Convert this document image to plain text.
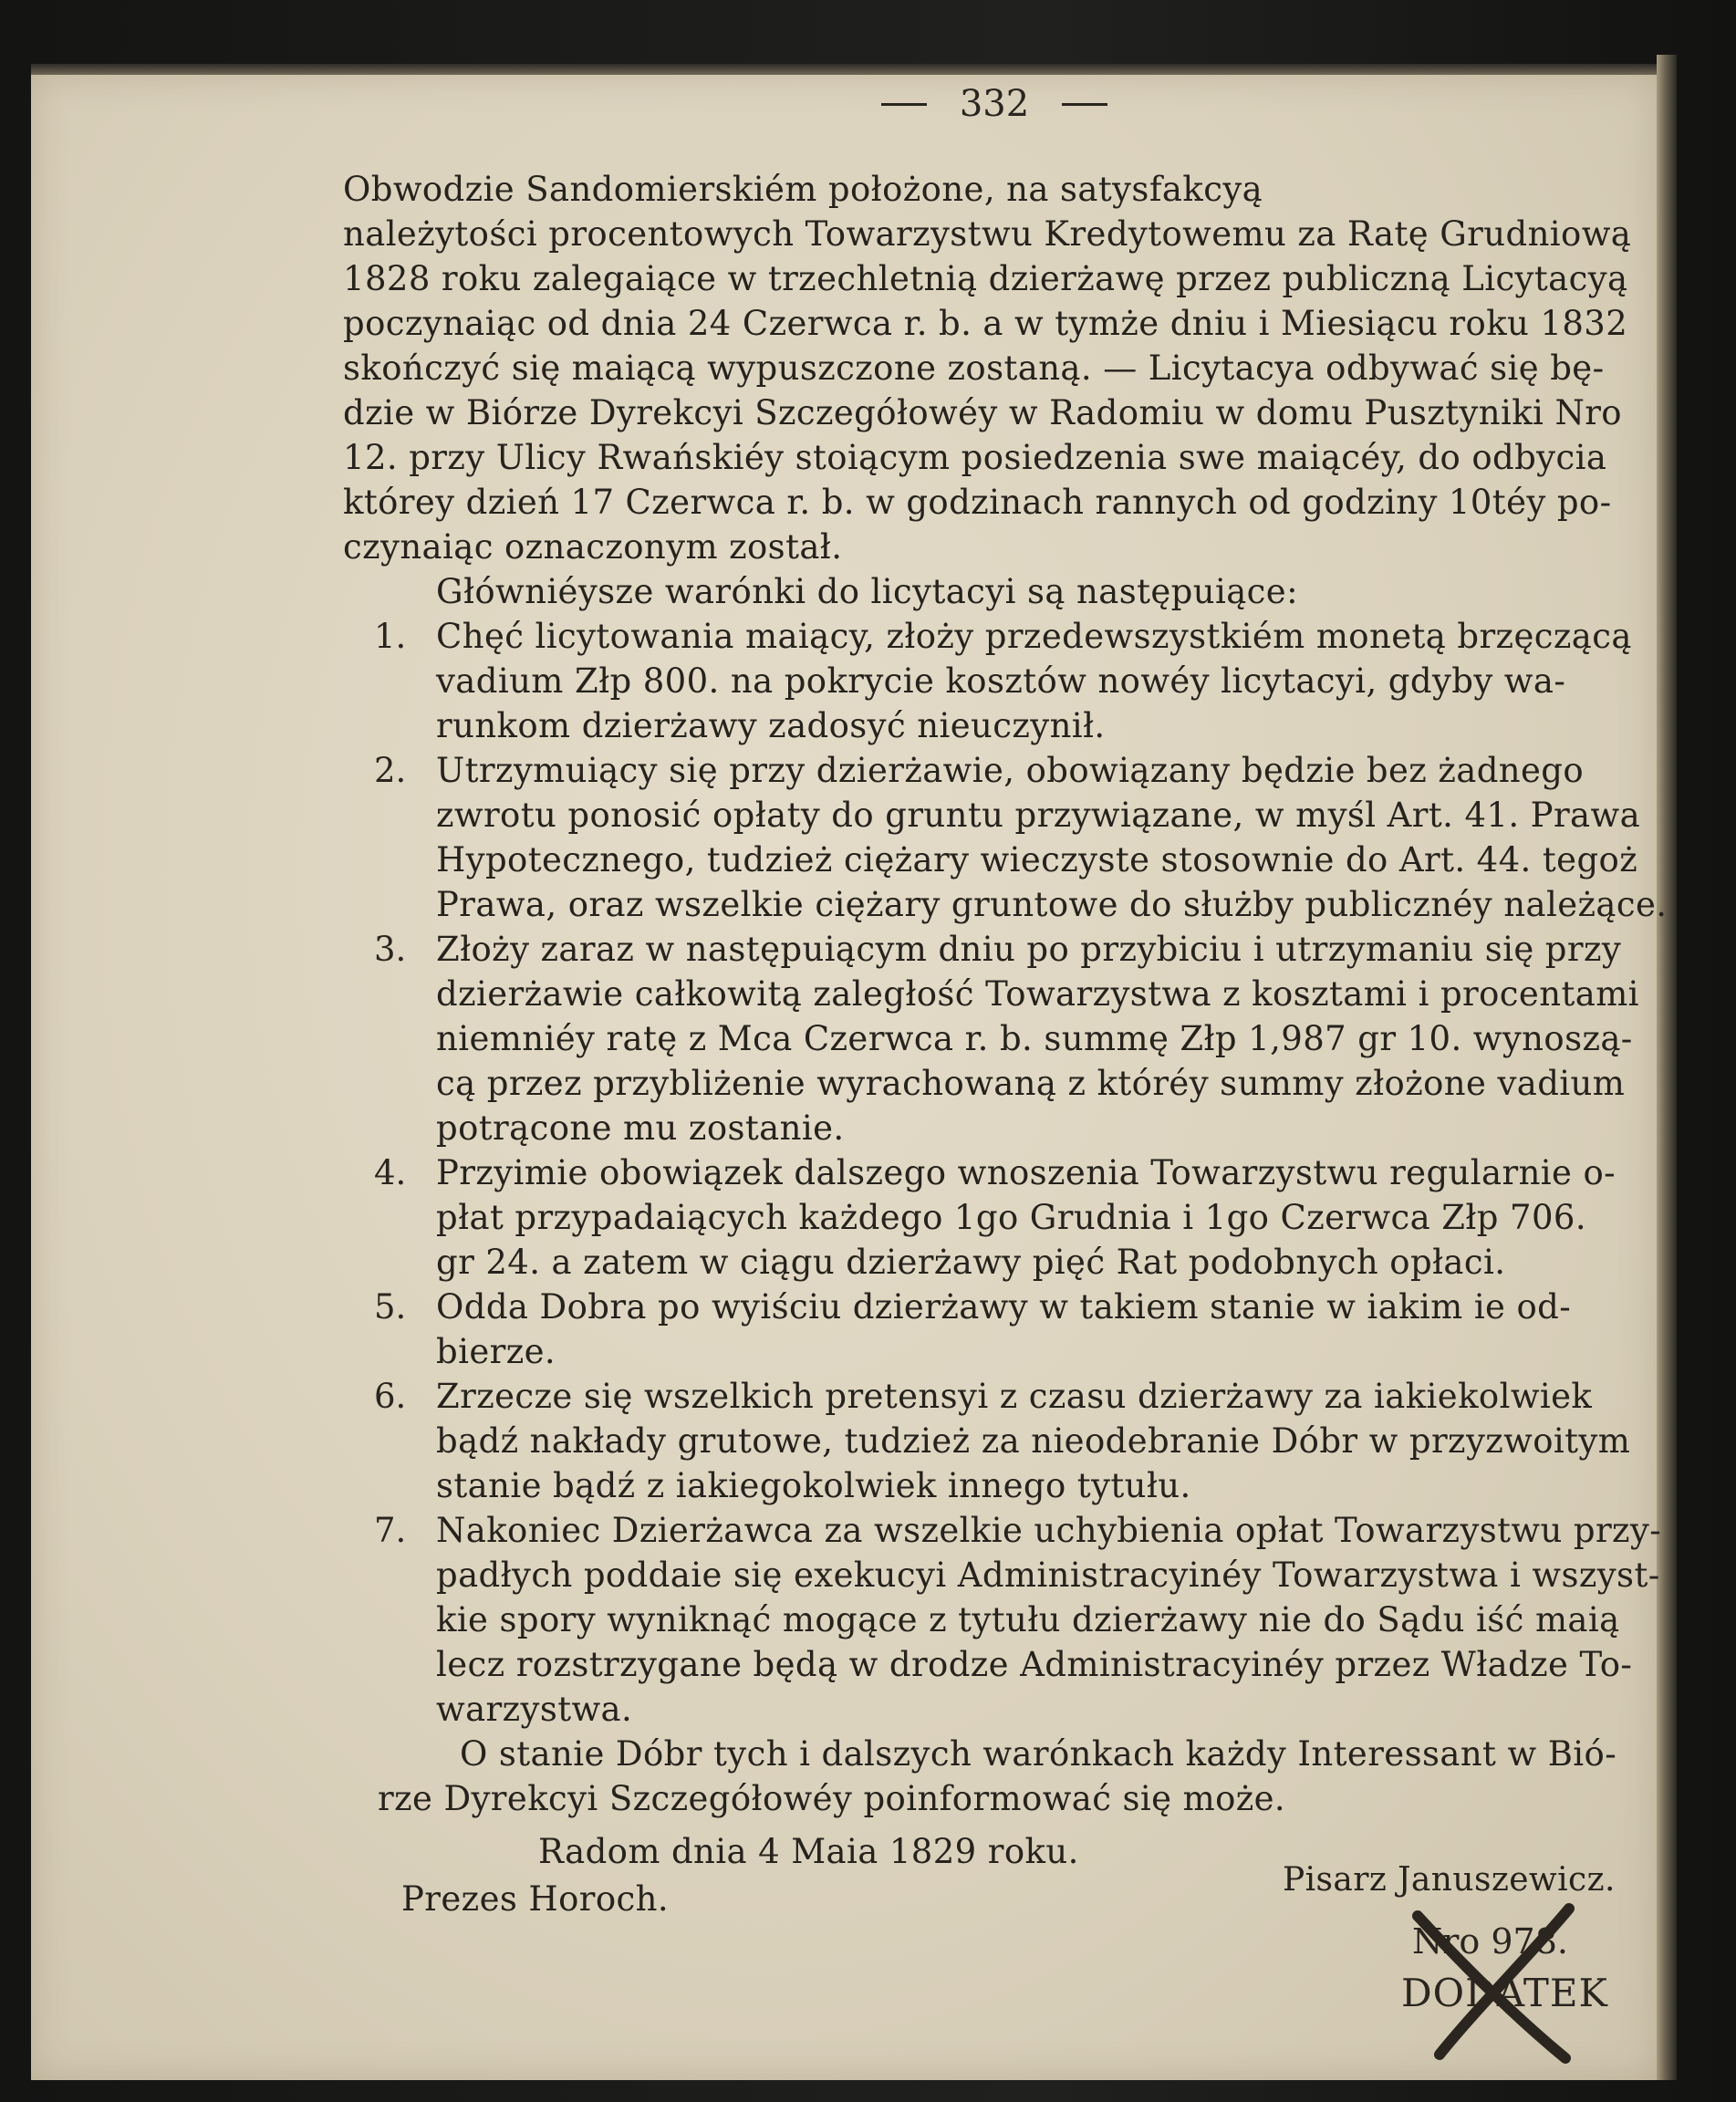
332
Obwodzie Sandomierskiém położone, na satysfakcyą
należytości procentowych Towarzystwu Kredytowemu za Ratę Grudniową
1828 roku zalegaiące w trzechletnią dzierżawę przez publiczną Licytacyą
poczynaiąc od dnia 24 Czerwca r. b. a w tymże dniu i Miesiącu roku 1832
skończyć się maiącą wypuszczone zostaną. — Licytacya odbywać się bę-
dzie w Biórze Dyrekcyi Szczegółowéy w Radomiu w domu Pusztyniki Nro
12. przy Ulicy Rwańskiéy stoiącym posiedzenia swe maiącéy, do odbycia
którey dzień 17 Czerwca r. b. w godzinach rannych od godziny 10téy po-
czynaiąc oznaczonym został.
Główniéysze warónki do licytacyi są następuiące:
1. Chęć licytowania maiący, złoży przedewszystkiém monetą brzęczącą
vadium Złp 800. na pokrycie kosztów nowéy licytacyi, gdyby wa-
runkom dzierżawy zadosyć nieuczynił.
2. Utrzymuiący się przy dzierżawie, obowiązany będzie bez żadnego
zwrotu ponosić opłaty do gruntu przywiązane, w myśl Art. 41. Prawa
Hypotecznego, tudzież ciężary wieczyste stosownie do Art. 44. tegoż
Prawa, oraz wszelkie ciężary gruntowe do służby publicznéy należące.
3. Złoży zaraz w następuiącym dniu po przybiciu i utrzymaniu się przy
dzierżawie całkowitą zaległość Towarzystwa z kosztami i procentami
niemniéy ratę z Mca Czerwca r. b. summę Złp 1,987 gr 10. wynoszą-
cą przez przybliżenie wyrachowaną z któréy summy złożone vadium
potrącone mu zostanie.
4. Przyimie obowiązek dalszego wnoszenia Towarzystwu regularnie o-
płat przypadaiących każdego 1go Grudnia i 1go Czerwca Złp 706.
gr 24. a zatem w ciągu dzierżawy pięć Rat podobnych opłaci.
5. Odda Dobra po wyiściu dzierżawy w takiem stanie w iakim ie od-
bierze.
6. Zrzecze się wszelkich pretensyi z czasu dzierżawy za iakiekolwiek
bądź nakłady grutowe, tudzież za nieodebranie Dóbr w przyzwoitym
stanie bądź z iakiegokolwiek innego tytułu.
7. Nakoniec Dzierżawca za wszelkie uchybienia opłat Towarzystwu przy-
padłych poddaie się exekucyi Administracyinéy Towarzystwa i wszyst-
kie spory wyniknąć mogące z tytułu dzierżawy nie do Sądu iść maią
lecz rozstrzygane będą w drodze Administracyinéy przez Władze To-
warzystwa.
O stanie Dóbr tych i dalszych warónkach każdy Interessant w Bió-
rze Dyrekcyi Szczegółowéy poinformować się może.
Radom dnia 4 Maia 1829 roku.
Prezes Horoch.	Pisarz Januszewicz.
Nro 978.
DODATEK
